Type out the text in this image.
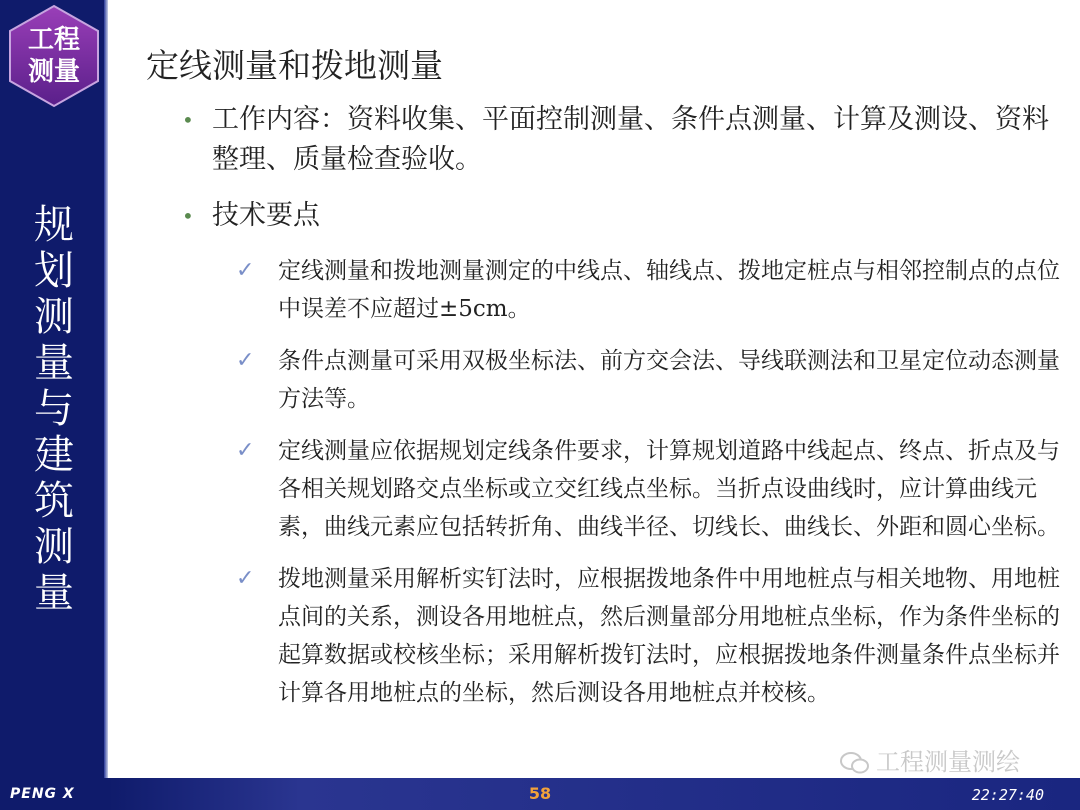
工程
测量
规
划
测
量
与
建
筑
测
量
PENG X	58	22:27:40
定线测量和拨地测量
• 工作内容：资料收集、平面控制测量、条件点测量、计算及测设、资料整理、质量检查验收。
• 技术要点
✓ 定线测量和拨地测量测定的中线点、轴线点、拨地定桩点与相邻控制点的点位中误差不应超过±5cm。
✓ 条件点测量可采用双极坐标法、前方交会法、导线联测法和卫星定位动态测量方法等。
✓ 定线测量应依据规划定线条件要求，计算规划道路中线起点、终点、折点及与各相关规划路交点坐标或立交红线点坐标。当折点设曲线时，应计算曲线元素，曲线元素应包括转折角、曲线半径、切线长、曲线长、外距和圆心坐标。
✓ 拨地测量采用解析实钉法时，应根据拨地条件中用地桩点与相关地物、用地桩点间的关系，测设各用地桩点，然后测量部分用地桩点坐标，作为条件坐标的起算数据或校核坐标；采用解析拨钉法时，应根据拨地条件测量条件点坐标并计算各用地桩点的坐标，然后测设各用地桩点并校核。
工程测量测绘
